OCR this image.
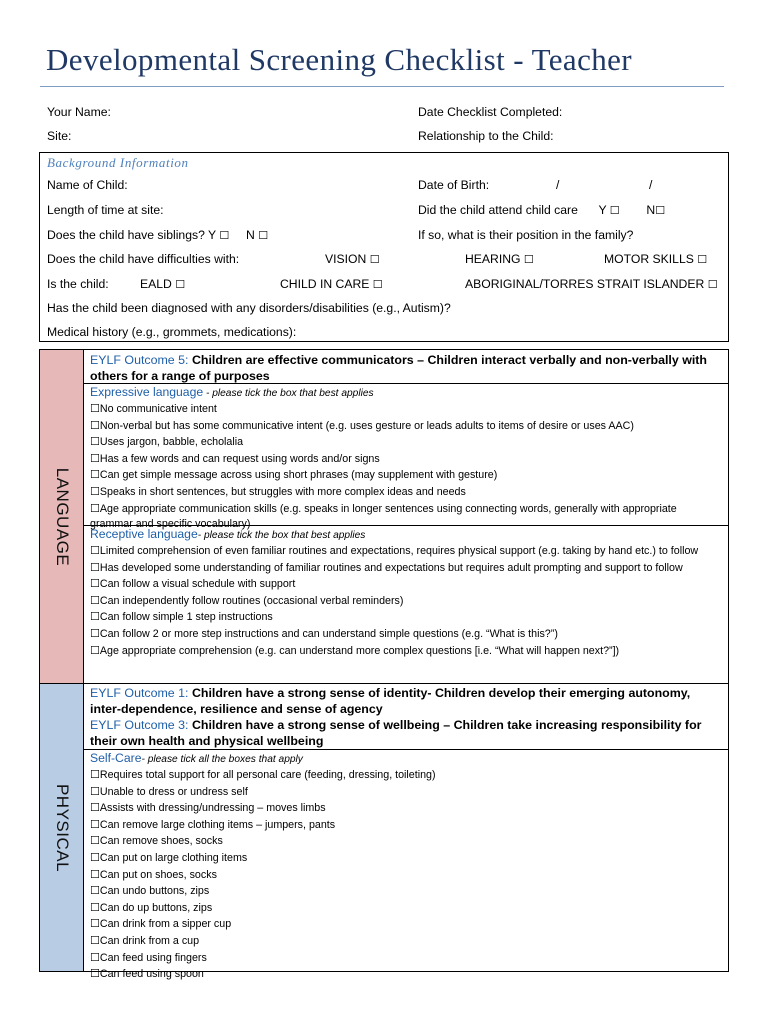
Developmental Screening Checklist - Teacher
Your Name:	Date Checklist Completed:
Site:	Relationship to the Child:
Background Information
Name of Child:	Date of Birth:	/	/
Length of time at site:	Did the child attend child care Y ☐ N☐
Does the child have siblings? Y ☐ N ☐	If so, what is their position in the family?
Does the child have difficulties with:	VISION ☐	HEARING ☐	MOTOR SKILLS ☐
Is the child:	EALD ☐	CHILD IN CARE ☐	ABORIGINAL/TORRES STRAIT ISLANDER ☐
Has the child been diagnosed with any disorders/disabilities (e.g., Autism)?
Medical history (e.g., grommets, medications):
LANGUAGE
EYLF Outcome 5: Children are effective communicators – Children interact verbally and non-verbally with others for a range of purposes
Expressive language - please tick the box that best applies
☐No communicative intent
☐Non-verbal but has some communicative intent (e.g. uses gesture or leads adults to items of desire or uses AAC)
☐Uses jargon, babble, echolalia
☐Has a few words and can request using words and/or signs
☐Can get simple message across using short phrases (may supplement with gesture)
☐Speaks in short sentences, but struggles with more complex ideas and needs
☐Age appropriate communication skills (e.g. speaks in longer sentences using connecting words, generally with appropriate
Receptive language- please tick the box that best applies
☐Limited comprehension of even familiar routines and expectations, requires physical support (e.g. taking by hand etc.) to follow
☐Has developed some understanding of familiar routines and expectations but requires adult prompting and support to follow
☐Can follow a visual schedule with support
☐Can independently follow routines (occasional verbal reminders)
☐Can follow simple 1 step instructions
☐Can follow 2 or more step instructions and can understand simple questions (e.g. “What is this?”)
☐Age appropriate comprehension (e.g. can understand more complex questions [i.e. “What will happen next?”])
PHYSICAL
EYLF Outcome 1: Children have a strong sense of identity- Children develop their emerging autonomy, inter-dependence, resilience and sense of agency
EYLF Outcome 3: Children have a strong sense of wellbeing – Children take increasing responsibility for their own health and physical wellbeing
Self-Care- please tick all the boxes that apply
☐Requires total support for all personal care (feeding, dressing, toileting)
☐Unable to dress or undress self
☐Assists with dressing/undressing – moves limbs
☐Can remove large clothing items – jumpers, pants
☐Can remove shoes, socks
☐Can put on large clothing items
☐Can put on shoes, socks
☐Can undo buttons, zips
☐Can do up buttons, zips
☐Can drink from a sipper cup
☐Can drink from a cup
☐Can feed using fingers
☐Can feed using spoon
